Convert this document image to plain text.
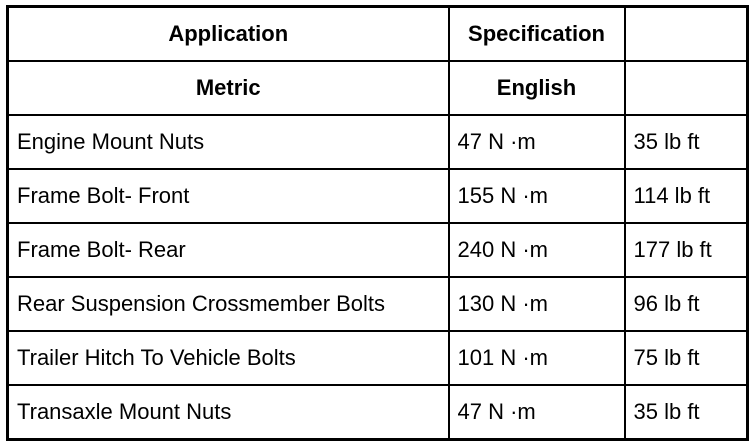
Application	Specification	
Metric	English	
Engine Mount Nuts	47 N ·m	35 lb ft
Frame Bolt- Front	155 N ·m	114 lb ft
Frame Bolt- Rear	240 N ·m	177 lb ft
Rear Suspension Crossmember Bolts	130 N ·m	96 lb ft
Trailer Hitch To Vehicle Bolts	101 N ·m	75 lb ft
Transaxle Mount Nuts	47 N ·m	35 lb ft
